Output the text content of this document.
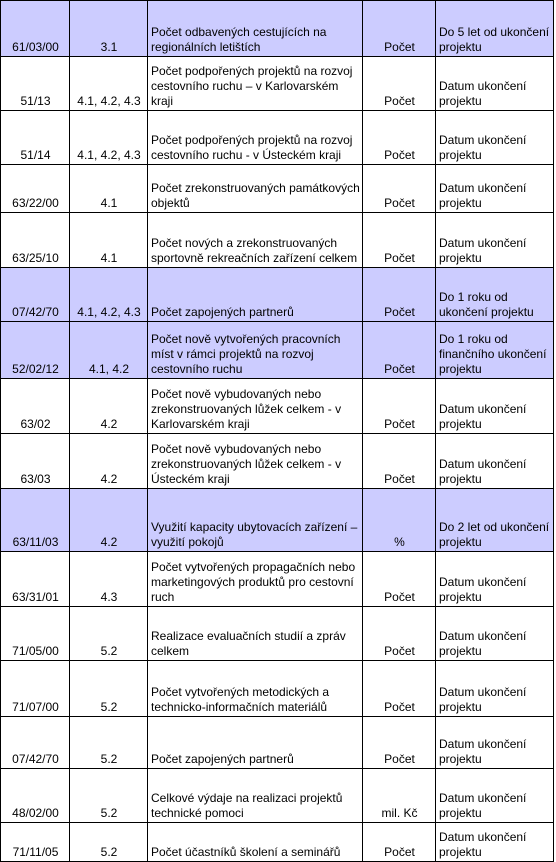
61/03/00	3.1	Počet odbavených cestujících na regionálních letištích	Počet	Do 5 let od ukončení projektu
51/13	4.1, 4.2, 4.3	Počet podpořených projektů na rozvoj cestovního ruchu – v Karlovarském kraji	Počet	Datum ukončení projektu
51/14	4.1, 4.2, 4.3	Počet podpořených projektů na rozvoj cestovního ruchu - v Ústeckém kraji	Počet	Datum ukončení projektu
63/22/00	4.1	Počet zrekonstruovaných památkových objektů	Počet	Datum ukončení projektu
63/25/10	4.1	Počet nových a zrekonstruovaných sportovně rekreačních zařízení celkem	Počet	Datum ukončení projektu
07/42/70	4.1, 4.2, 4.3	Počet zapojených partnerů	Počet	Do 1 roku od ukončení projektu
52/02/12	4.1, 4.2	Počet nově vytvořených pracovních míst v rámci projektů na rozvoj cestovního ruchu	Počet	Do 1 roku od finančního ukončení projektu
63/02	4.2	Počet nově vybudovaných nebo zrekonstruovaných lůžek celkem - v Karlovarském kraji	Počet	Datum ukončení projektu
63/03	4.2	Počet nově vybudovaných nebo zrekonstruovaných lůžek celkem - v Ústeckém kraji	Počet	Datum ukončení projektu
63/11/03	4.2	Využití kapacity ubytovacích zařízení – využití pokojů	%	Do 2 let od ukončení projektu
63/31/01	4.3	Počet vytvořených propagačních nebo marketingových produktů pro cestovní ruch	Počet	Datum ukončení projektu
71/05/00	5.2	Realizace evaluačních studií a zpráv celkem	Počet	Datum ukončení projektu
71/07/00	5.2	Počet vytvořených metodických a technicko-informačních materiálů	Počet	Datum ukončení projektu
07/42/70	5.2	Počet zapojených partnerů	Počet	Datum ukončení projektu
48/02/00	5.2	Celkové výdaje na realizaci projektů technické pomoci	mil. Kč	Datum ukončení projektu
71/11/05	5.2	Počet účastníků školení a seminářů	Počet	Datum ukončení projektu
